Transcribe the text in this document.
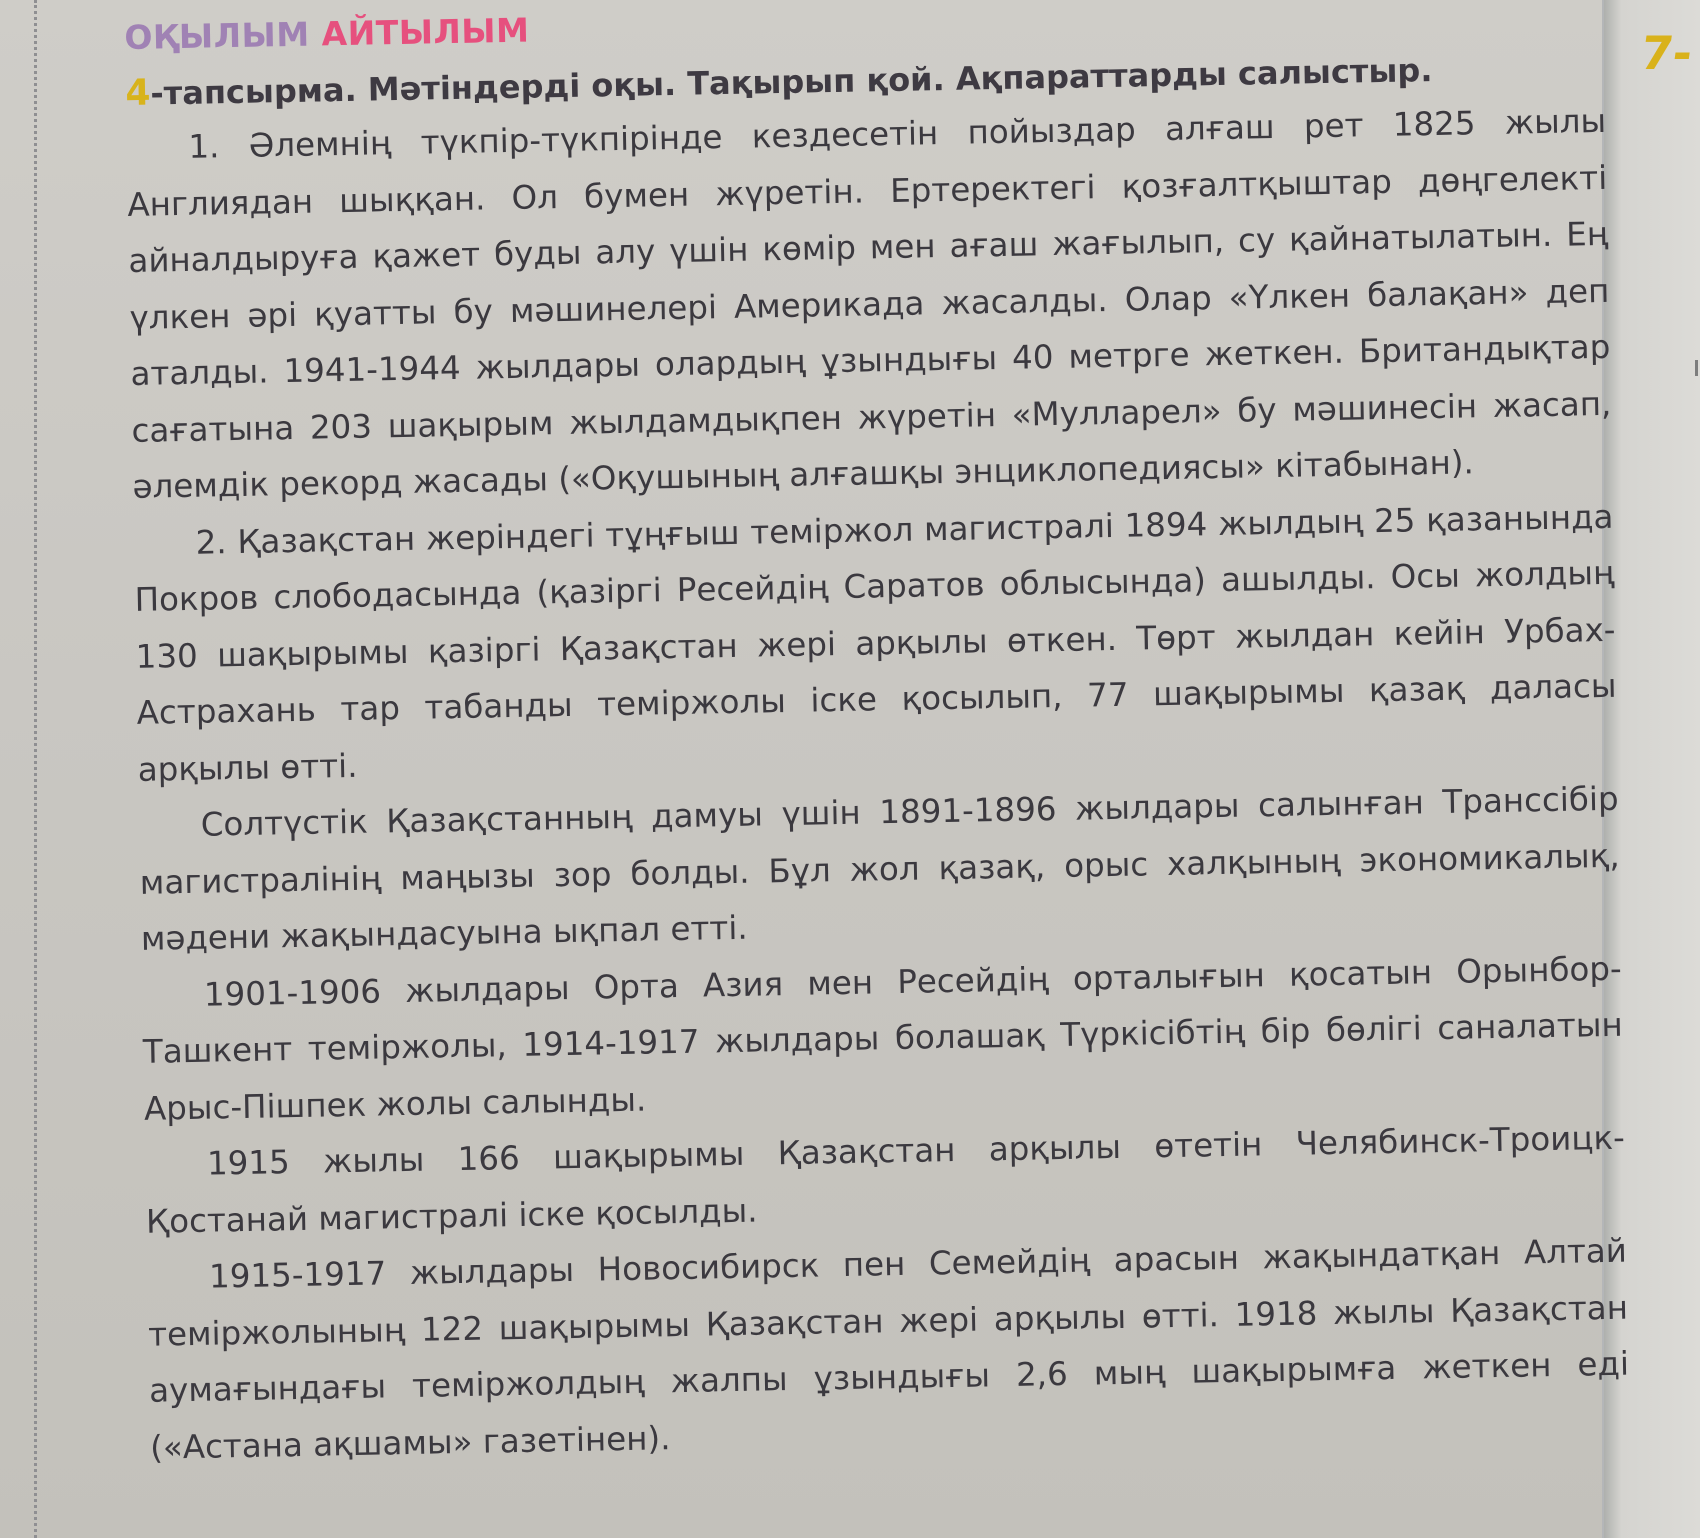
7-
ОҚЫЛЫМ АЙТЫЛЫМ
4-тапсырма. Мәтіндерді оқы. Тақырып қой. Ақпараттарды салыстыр.

1. Әлемнің түкпір-түкпірінде кездесетін пойыздар алғаш рет 1825 жылы Англиядан шыққан. Ол бумен жүретін. Ертеректегі қозғалтқыштар дөңгелекті айналдыруға қажет буды алу үшін көмір мен ағаш жағылып, су қайнатылатын. Ең үлкен әрі қуатты бу мәшинелері Америкада жасалды. Олар «Үлкен балақан» деп аталды. 1941-1944 жылдары олардың ұзындығы 40 метрге жеткен. Британдықтар сағатына 203 шақырым жылдамдықпен жүретін «Мулларел» бу мәшинесін жасап, әлемдік рекорд жасады («Оқушының алғашқы энциклопедиясы» кітабынан).

2. Қазақстан жеріндегі тұңғыш теміржол магистралі 1894 жылдың 25 қазанында Покров слободасында (қазіргі Ресейдің Саратов облысында) ашылды. Осы жолдың 130 шақырымы қазіргі Қазақстан жері арқылы өткен. Төрт жылдан кейін Урбах-Астрахань тар табанды теміржолы іске қосылып, 77 шақырымы қазақ даласы арқылы өтті.

Солтүстік Қазақстанның дамуы үшін 1891-1896 жылдары салынған Транссібір магистралінің маңызы зор болды. Бұл жол қазақ, орыс халқының экономикалық, мәдени жақындасуына ықпал етті.

1901-1906 жылдары Орта Азия мен Ресейдің орталығын қосатын Орынбор-Ташкент теміржолы, 1914-1917 жылдары болашақ Түркісібтің бір бөлігі саналатын Арыс-Пішпек жолы салынды.

1915 жылы 166 шақырымы Қазақстан арқылы өтетін Челябинск-Троицк-Қостанай магистралі іске қосылды.

1915-1917 жылдары Новосибирск пен Семейдің арасын жақындатқан Алтай теміржолының 122 шақырымы Қазақстан жері арқылы өтті. 1918 жылы Қазақстан аумағындағы теміржолдың жалпы ұзындығы 2,6 мың шақырымға жеткен еді («Астана ақшамы» газетінен).
